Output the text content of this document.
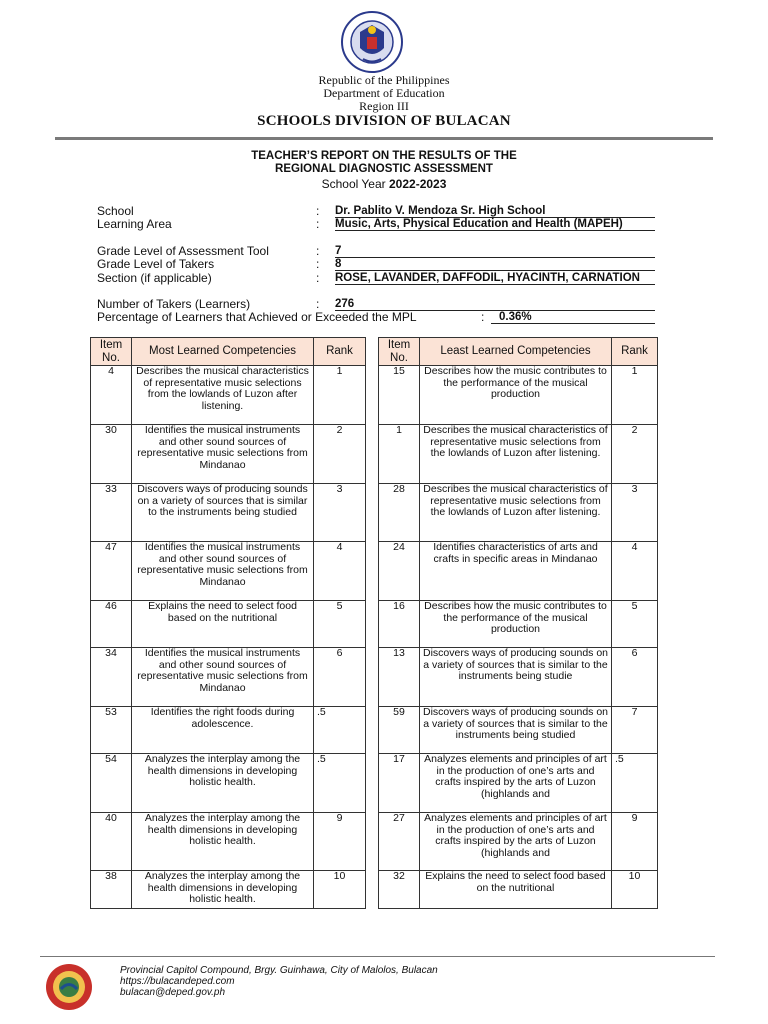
Republic of the Philippines
Department of Education
Region III
SCHOOLS DIVISION OF BULACAN
TEACHER’S REPORT ON THE RESULTS OF THE
REGIONAL DIAGNOSTIC ASSESSMENT
School Year 2022-2023
School	: Dr. Pablito V. Mendoza Sr. High School
Learning Area	: Music, Arts, Physical Education and Health (MAPEH)
Grade Level of Assessment Tool	: 7
Grade Level of Takers	: 8
Section (if applicable)	: ROSE, LAVANDER, DAFFODIL, HYACINTH, CARNATION
Number of Takers (Learners)	: 276
Percentage of Learners that Achieved or Exceeded the MPL	:	0.36%
Item No.	Most Learned Competencies	Rank
4	Describes the musical characteristics of representative music selections from the lowlands of Luzon after listening.	1
30	Identifies the musical instruments and other sound sources of representative music selections from Mindanao	2
33	Discovers ways of producing sounds on a variety of sources that is similar to the instruments being studied	3
47	Identifies the musical instruments and other sound sources of representative music selections from Mindanao	4
46	Explains the need to select food based on the nutritional	5
34	Identifies the musical instruments and other sound sources of representative music selections from Mindanao	6
53	Identifies the right foods during adolescence.	.5
54	Analyzes the interplay among the health dimensions in developing holistic health.	.5
40	Analyzes the interplay among the health dimensions in developing holistic health.	9
38	Analyzes the interplay among the health dimensions in developing holistic health.	10
Item No.	Least Learned Competencies	Rank
15	Describes how the music contributes to the performance of the musical production	1
1	Describes the musical characteristics of representative music selections from the lowlands of Luzon after listening.	2
28	Describes the musical characteristics of representative music selections from the lowlands of Luzon after listening.	3
24	Identifies characteristics of arts and crafts in specific areas in Mindanao	4
16	Describes how the music contributes to the performance of the musical production	5
13	Discovers ways of producing sounds on a variety of sources that is similar to the instruments being studie	6
59	Discovers ways of producing sounds on a variety of sources that is similar to the instruments being studied	7
17	Analyzes elements and principles of art in the production of one’s arts and crafts inspired by the arts of Luzon (highlands and	.5
27	Analyzes elements and principles of art in the production of one’s arts and crafts inspired by the arts of Luzon (highlands and	9
32	Explains the need to select food based on the nutritional	10
Provincial Capitol Compound, Brgy. Guinhawa, City of Malolos, Bulacan
https://bulacandeped.com
bulacan@deped.gov.ph
